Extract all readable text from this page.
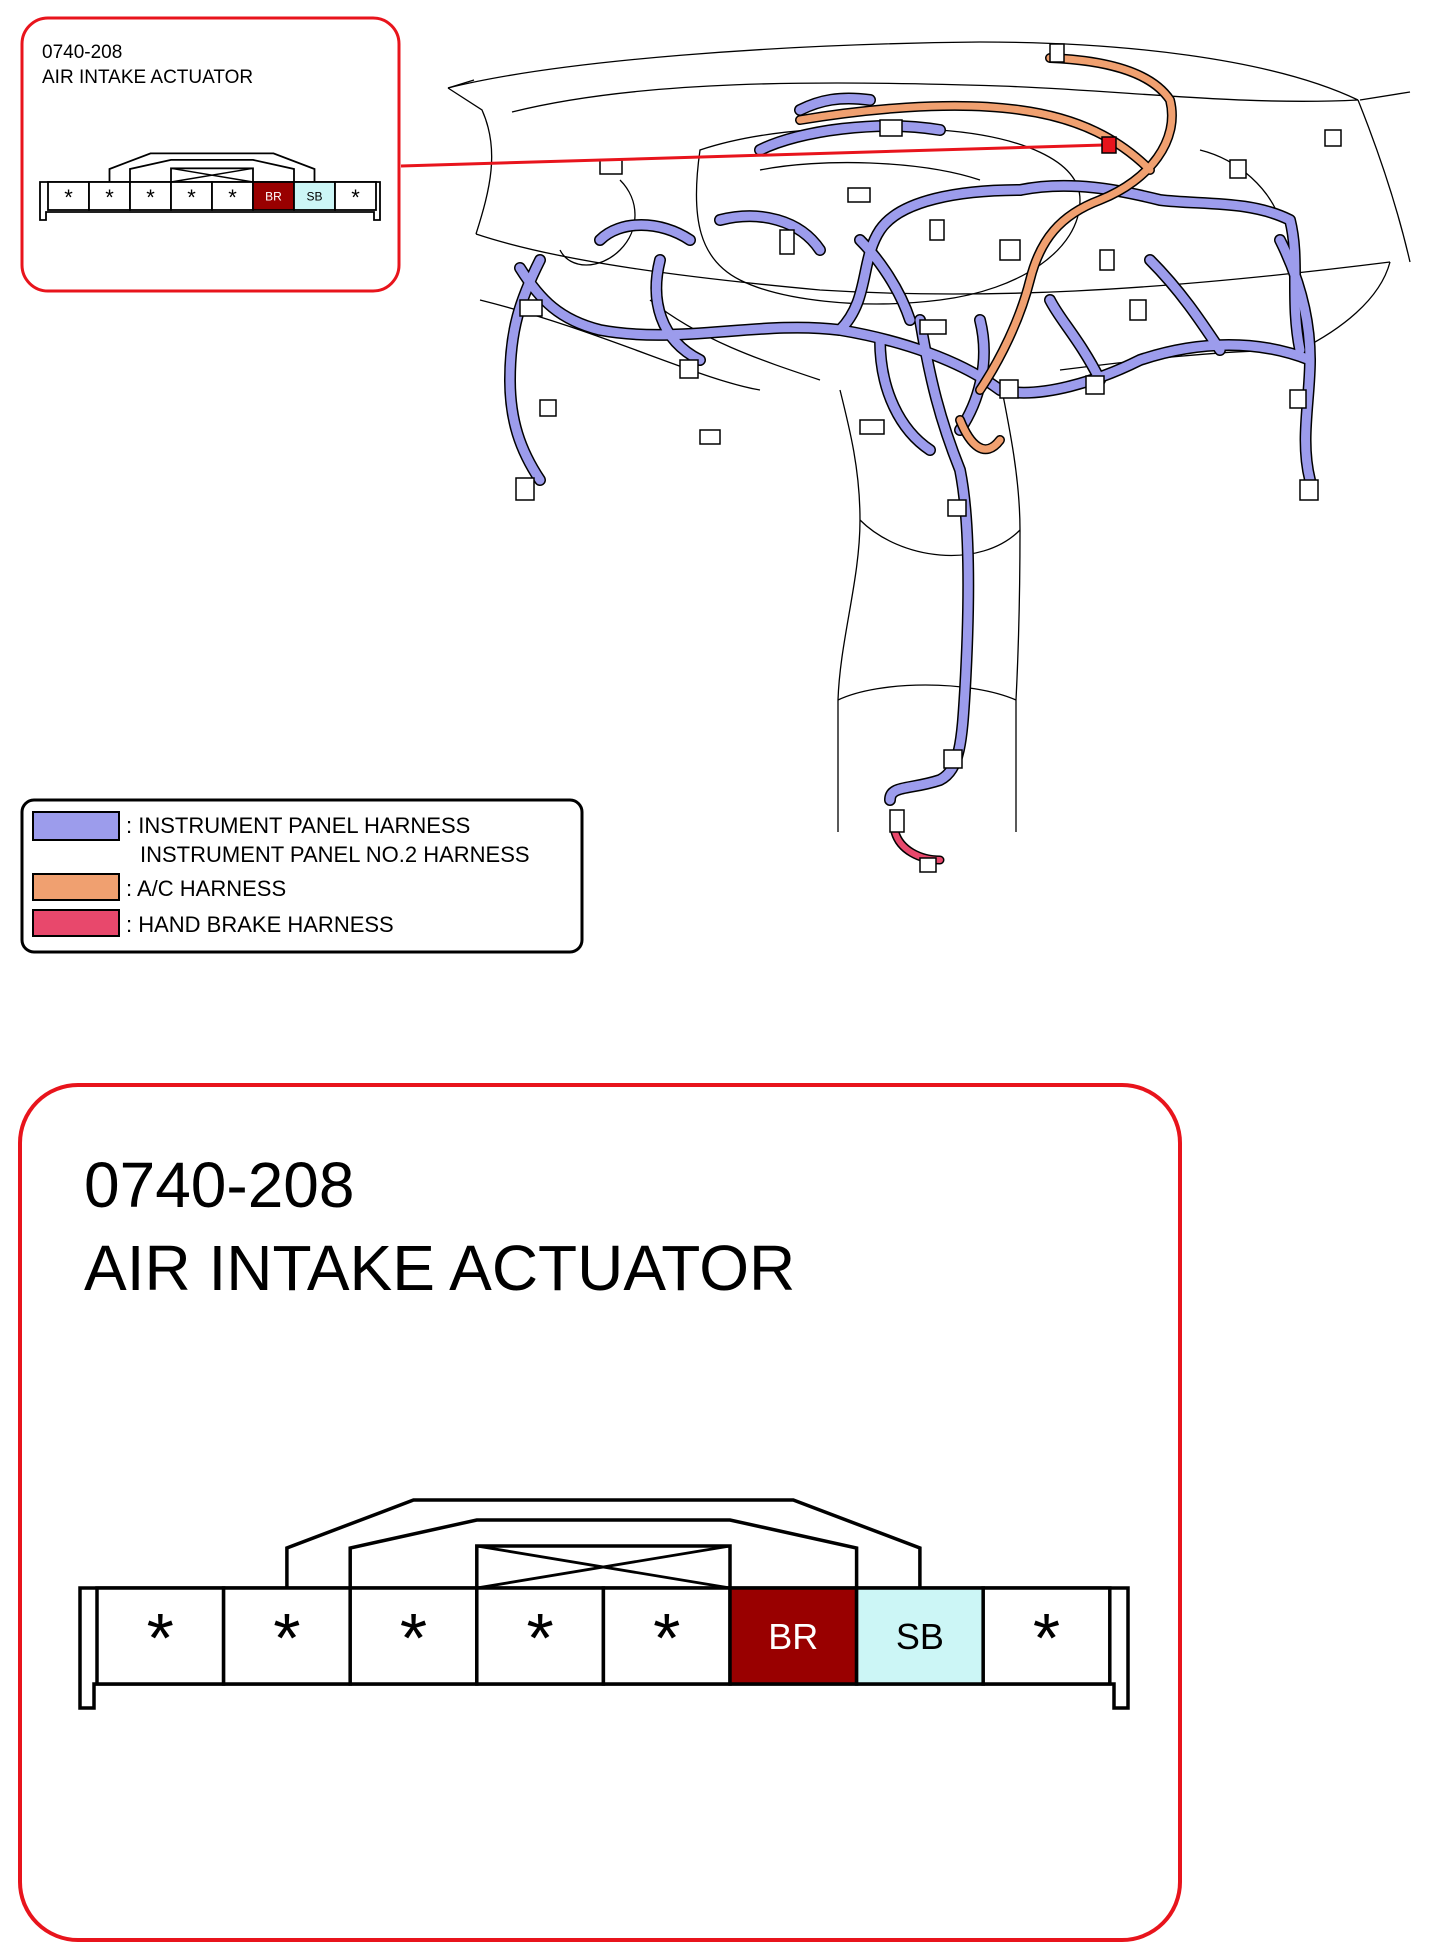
0740-208
AIR INTAKE ACTUATOR
* * * * * BR SB *
: INSTRUMENT PANEL HARNESS
INSTRUMENT PANEL NO.2 HARNESS
: A/C HARNESS
: HAND BRAKE HARNESS
0740-208
AIR INTAKE ACTUATOR
* * * * * BR SB *
